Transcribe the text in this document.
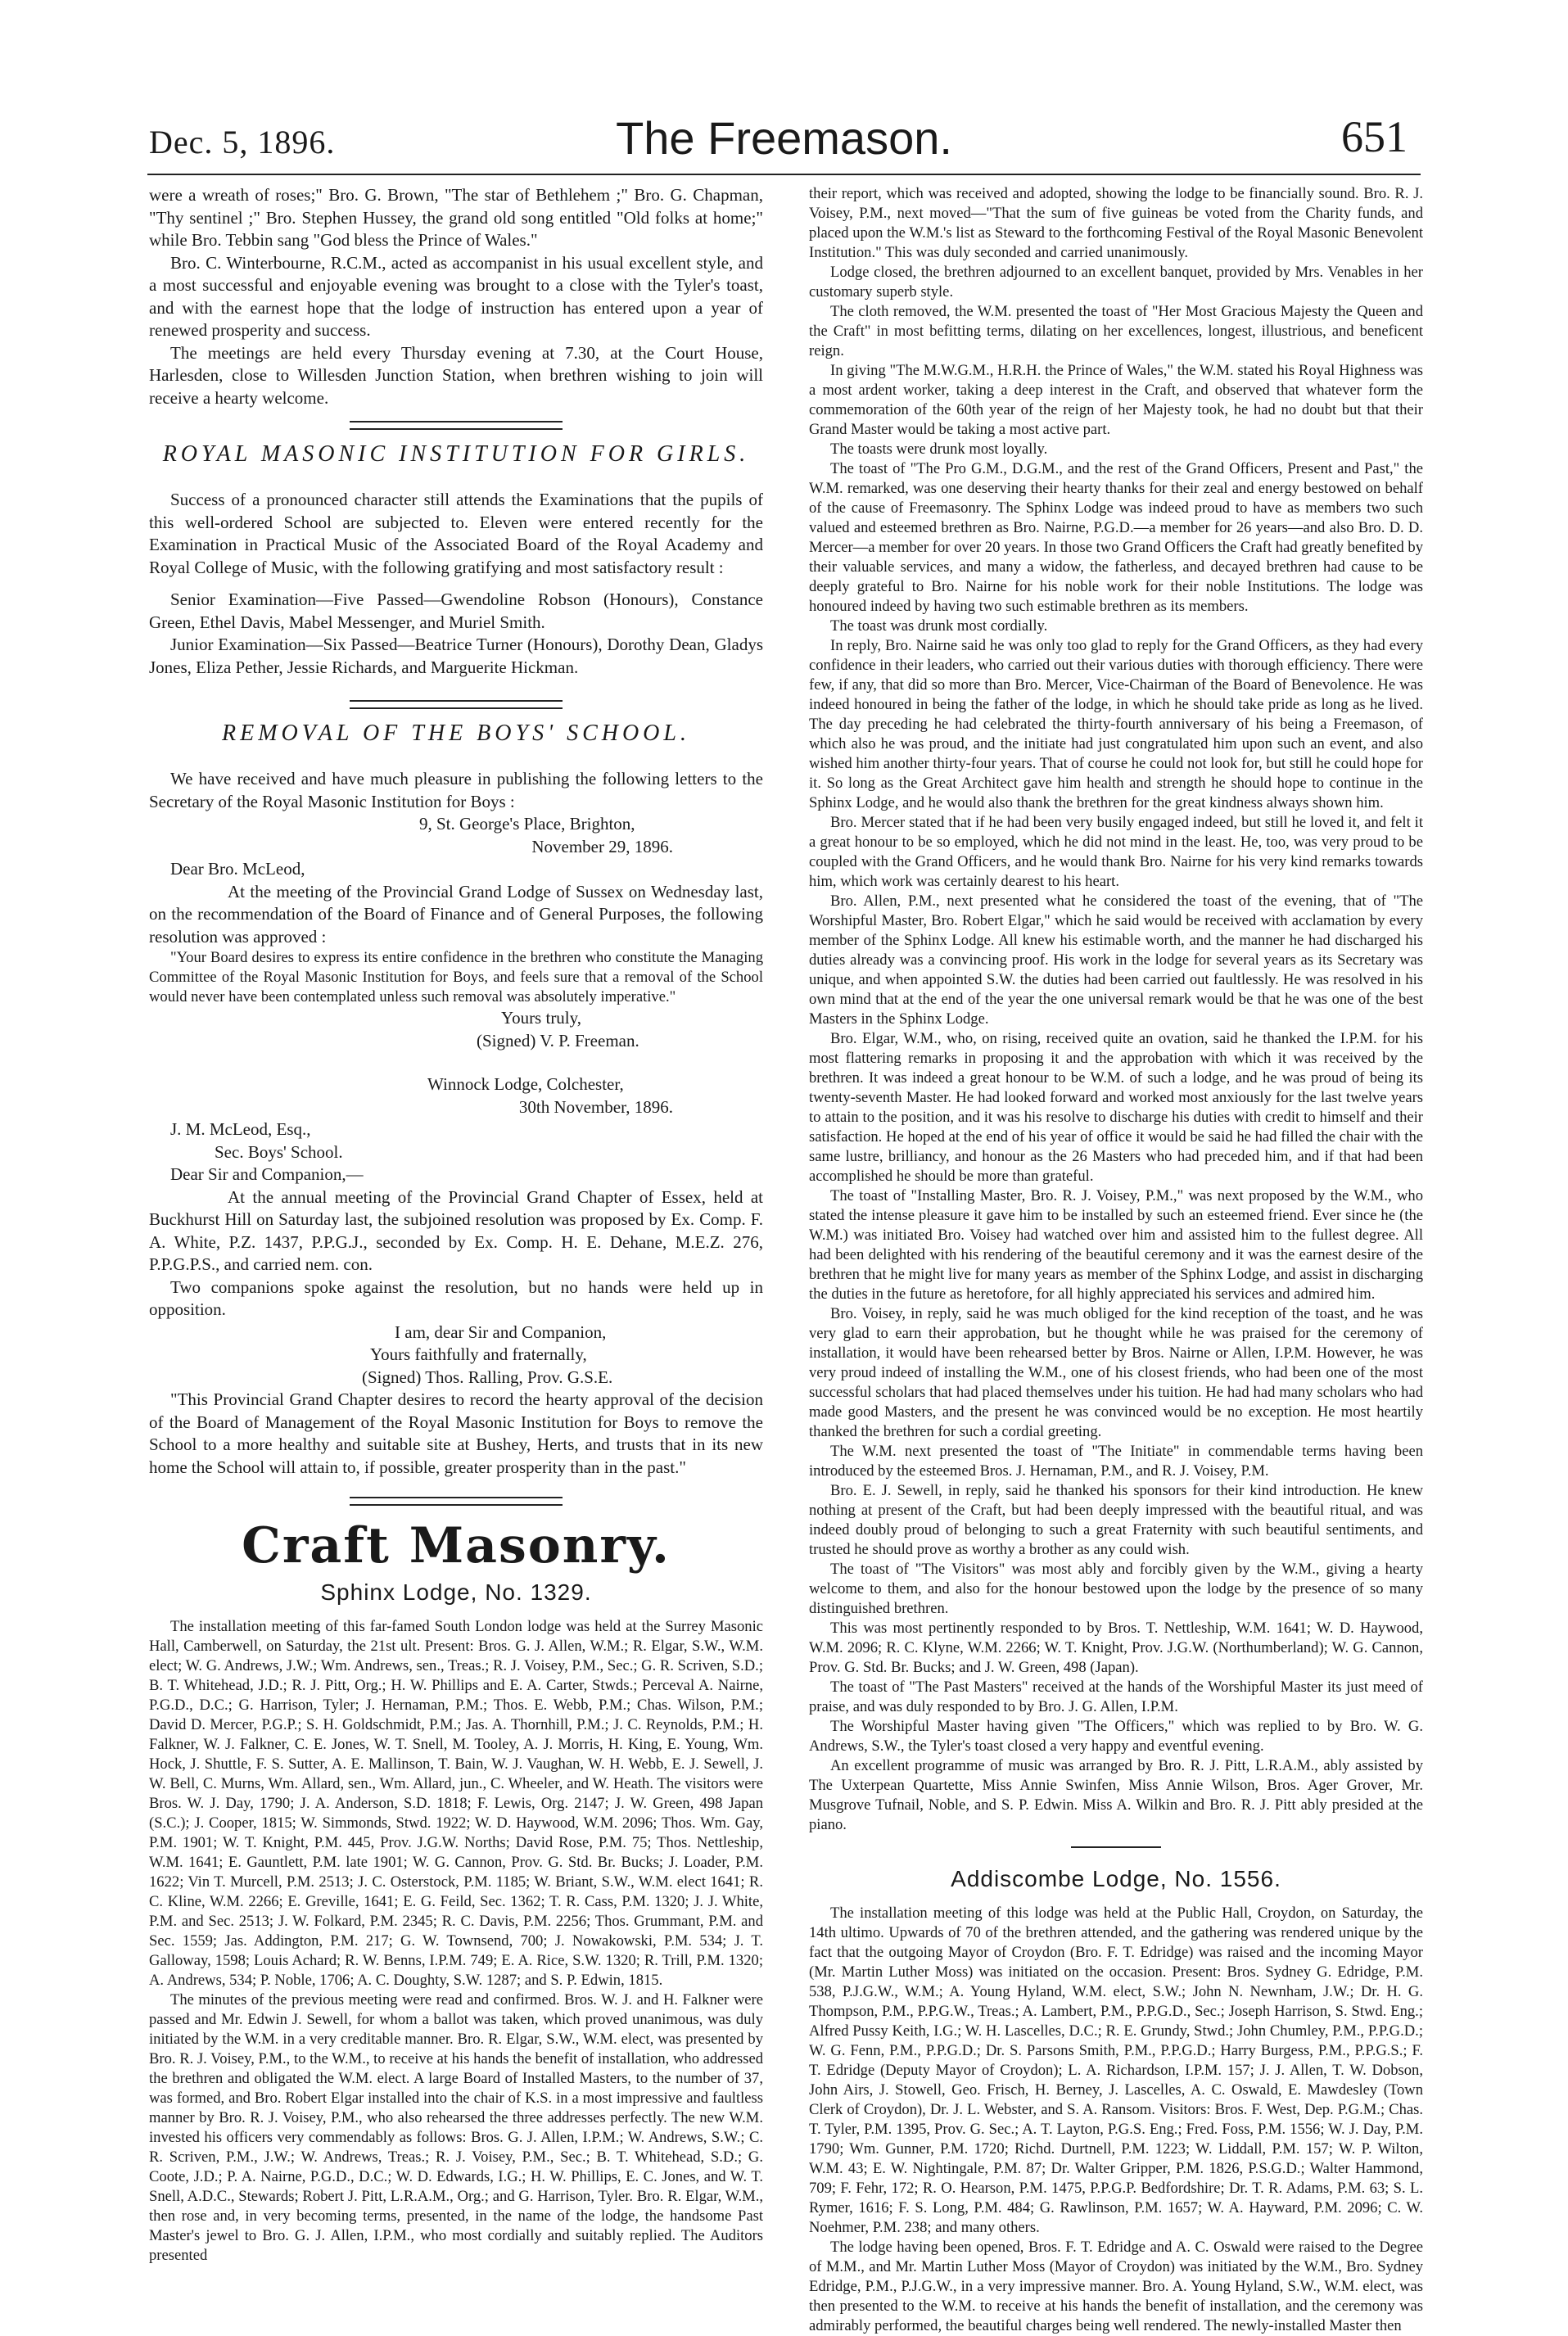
Dec. 5, 1896.	The Freemason.	651

were a wreath of roses;" Bro. G. Brown, "The star of Bethlehem ;" Bro. G. Chapman, "Thy sentinel ;" Bro. Stephen Hussey, the grand old song entitled "Old folks at home;" while Bro. Tebbin sang "God bless the Prince of Wales."

Bro. C. Winterbourne, R.C.M., acted as accompanist in his usual excellent style, and a most successful and enjoyable evening was brought to a close with the Tyler's toast, and with the earnest hope that the lodge of instruction has entered upon a year of renewed prosperity and success.

The meetings are held every Thursday evening at 7.30, at the Court House, Harlesden, close to Willesden Junction Station, when brethren wishing to join will receive a hearty welcome.

ROYAL MASONIC INSTITUTION FOR GIRLS.

Success of a pronounced character still attends the Examinations that the pupils of this well-ordered School are subjected to. Eleven were entered recently for the Examination in Practical Music of the Associated Board of the Royal Academy and Royal College of Music, with the following gratifying and most satisfactory result :

Senior Examination—Five Passed—Gwendoline Robson (Honours), Constance Green, Ethel Davis, Mabel Messenger, and Muriel Smith.

Junior Examination—Six Passed—Beatrice Turner (Honours), Dorothy Dean, Gladys Jones, Eliza Pether, Jessie Richards, and Marguerite Hickman.

REMOVAL OF THE BOYS' SCHOOL.

We have received and have much pleasure in publishing the following letters to the Secretary of the Royal Masonic Institution for Boys :

9, St. George's Place, Brighton,

November 29, 1896.

Dear Bro. McLeod,

At the meeting of the Provincial Grand Lodge of Sussex on Wednesday last, on the recommendation of the Board of Finance and of General Purposes, the following resolution was approved :

"Your Board desires to express its entire confidence in the brethren who constitute the Managing Committee of the Royal Masonic Institution for Boys, and feels sure that a removal of the School would never have been contemplated unless such removal was absolutely imperative."

Yours truly,

(Signed) V. P. Freeman.

Winnock Lodge, Colchester,

30th November, 1896.

J. M. McLeod, Esq.,

Sec. Boys' School.

Dear Sir and Companion,—

At the annual meeting of the Provincial Grand Chapter of Essex, held at Buckhurst Hill on Saturday last, the subjoined resolution was proposed by Ex. Comp. F. A. White, P.Z. 1437, P.P.G.J., seconded by Ex. Comp. H. E. Dehane, M.E.Z. 276, P.P.G.P.S., and carried nem. con.

Two companions spoke against the resolution, but no hands were held up in opposition.

I am, dear Sir and Companion,

Yours faithfully and fraternally,

(Signed) Thos. Ralling, Prov. G.S.E.

"This Provincial Grand Chapter desires to record the hearty approval of the decision of the Board of Management of the Royal Masonic Institution for Boys to remove the School to a more healthy and suitable site at Bushey, Herts, and trusts that in its new home the School will attain to, if possible, greater prosperity than in the past."

Craft Masonry.
Sphinx Lodge, No. 1329.

The installation meeting of this far-famed South London lodge was held at the Surrey Masonic Hall, Camberwell, on Saturday, the 21st ult. Present: Bros. G. J. Allen, W.M.; R. Elgar, S.W., W.M. elect; W. G. Andrews, J.W.; Wm. Andrews, sen., Treas.; R. J. Voisey, P.M., Sec.; G. R. Scriven, S.D.; B. T. Whitehead, J.D.; R. J. Pitt, Org.; H. W. Phillips and E. A. Carter, Stwds.; Perceval A. Nairne, P.G.D., D.C.; G. Harrison, Tyler; J. Hernaman, P.M.; Thos. E. Webb, P.M.; Chas. Wilson, P.M.; David D. Mercer, P.G.P.; S. H. Goldschmidt, P.M.; Jas. A. Thornhill, P.M.; J. C. Reynolds, P.M.; H. Falkner, W. J. Falkner, C. E. Jones, W. T. Snell, M. Tooley, A. J. Morris, H. King, E. Young, Wm. Hock, J. Shuttle, F. S. Sutter, A. E. Mallinson, T. Bain, W. J. Vaughan, W. H. Webb, E. J. Sewell, J. W. Bell, C. Murns, Wm. Allard, sen., Wm. Allard, jun., C. Wheeler, and W. Heath. The visitors were Bros. W. J. Day, 1790; J. A. Anderson, S.D. 1818; F. Lewis, Org. 2147; J. W. Green, 498 Japan (S.C.); J. Cooper, 1815; W. Simmonds, Stwd. 1922; W. D. Haywood, W.M. 2096; Thos. Wm. Gay, P.M. 1901; W. T. Knight, P.M. 445, Prov. J.G.W. Norths; David Rose, P.M. 75; Thos. Nettleship, W.M. 1641; E. Gauntlett, P.M. late 1901; W. G. Cannon, Prov. G. Std. Br. Bucks; J. Loader, P.M. 1622; Vin T. Murcell, P.M. 2513; J. C. Osterstock, P.M. 1185; W. Briant, S.W., W.M. elect 1641; R. C. Kline, W.M. 2266; E. Greville, 1641; E. G. Feild, Sec. 1362; T. R. Cass, P.M. 1320; J. J. White, P.M. and Sec. 2513; J. W. Folkard, P.M. 2345; R. C. Davis, P.M. 2256; Thos. Grummant, P.M. and Sec. 1559; Jas. Addington, P.M. 217; G. W. Townsend, 700; J. Nowakowski, P.M. 534; J. T. Galloway, 1598; Louis Achard; R. W. Benns, I.P.M. 749; E. A. Rice, S.W. 1320; R. Trill, P.M. 1320; A. Andrews, 534; P. Noble, 1706; A. C. Doughty, S.W. 1287; and S. P. Edwin, 1815.

The minutes of the previous meeting were read and confirmed. Bros. W. J. and H. Falkner were passed and Mr. Edwin J. Sewell, for whom a ballot was taken, which proved unanimous, was duly initiated by the W.M. in a very creditable manner. Bro. R. Elgar, S.W., W.M. elect, was presented by Bro. R. J. Voisey, P.M., to the W.M., to receive at his hands the benefit of installation, who addressed the brethren and obligated the W.M. elect. A large Board of Installed Masters, to the number of 37, was formed, and Bro. Robert Elgar installed into the chair of K.S. in a most impressive and faultless manner by Bro. R. J. Voisey, P.M., who also rehearsed the three addresses perfectly. The new W.M. invested his officers very commendably as follows: Bros. G. J. Allen, I.P.M.; W. Andrews, S.W.; C. R. Scriven, P.M., J.W.; W. Andrews, Treas.; R. J. Voisey, P.M., Sec.; B. T. Whitehead, S.D.; G. Coote, J.D.; P. A. Nairne, P.G.D., D.C.; W. D. Edwards, I.G.; H. W. Phillips, E. C. Jones, and W. T. Snell, A.D.C., Stewards; Robert J. Pitt, L.R.A.M., Org.; and G. Harrison, Tyler. Bro. R. Elgar, W.M., then rose and, in very becoming terms, presented, in the name of the lodge, the handsome Past Master's jewel to Bro. G. J. Allen, I.P.M., who most cordially and suitably replied. The Auditors presented

their report, which was received and adopted, showing the lodge to be financially sound. Bro. R. J. Voisey, P.M., next moved—"That the sum of five guineas be voted from the Charity funds, and placed upon the W.M.'s list as Steward to the forthcoming Festival of the Royal Masonic Benevolent Institution." This was duly seconded and carried unanimously.

Lodge closed, the brethren adjourned to an excellent banquet, provided by Mrs. Venables in her customary superb style.

The cloth removed, the W.M. presented the toast of "Her Most Gracious Majesty the Queen and the Craft" in most befitting terms, dilating on her excellences, longest, illustrious, and beneficent reign.

In giving "The M.W.G.M., H.R.H. the Prince of Wales," the W.M. stated his Royal Highness was a most ardent worker, taking a deep interest in the Craft, and observed that whatever form the commemoration of the 60th year of the reign of her Majesty took, he had no doubt but that their Grand Master would be taking a most active part.

The toasts were drunk most loyally.

The toast of "The Pro G.M., D.G.M., and the rest of the Grand Officers, Present and Past," the W.M. remarked, was one deserving their hearty thanks for their zeal and energy bestowed on behalf of the cause of Freemasonry. The Sphinx Lodge was indeed proud to have as members two such valued and esteemed brethren as Bro. Nairne, P.G.D.—a member for 26 years—and also Bro. D. D. Mercer—a member for over 20 years. In those two Grand Officers the Craft had greatly benefited by their valuable services, and many a widow, the fatherless, and decayed brethren had cause to be deeply grateful to Bro. Nairne for his noble work for their noble Institutions. The lodge was honoured indeed by having two such estimable brethren as its members.

The toast was drunk most cordially.

In reply, Bro. Nairne said he was only too glad to reply for the Grand Officers, as they had every confidence in their leaders, who carried out their various duties with thorough efficiency. There were few, if any, that did so more than Bro. Mercer, Vice-Chairman of the Board of Benevolence. He was indeed honoured in being the father of the lodge, in which he should take pride as long as he lived. The day preceding he had celebrated the thirty-fourth anniversary of his being a Freemason, of which also he was proud, and the initiate had just congratulated him upon such an event, and also wished him another thirty-four years. That of course he could not look for, but still he could hope for it. So long as the Great Architect gave him health and strength he should hope to continue in the Sphinx Lodge, and he would also thank the brethren for the great kindness always shown him.

Bro. Mercer stated that if he had been very busily engaged indeed, but still he loved it, and felt it a great honour to be so employed, which he did not mind in the least. He, too, was very proud to be coupled with the Grand Officers, and he would thank Bro. Nairne for his very kind remarks towards him, which work was certainly dearest to his heart.

Bro. Allen, P.M., next presented what he considered the toast of the evening, that of "The Worshipful Master, Bro. Robert Elgar," which he said would be received with acclamation by every member of the Sphinx Lodge. All knew his estimable worth, and the manner he had discharged his duties already was a convincing proof. His work in the lodge for several years as its Secretary was unique, and when appointed S.W. the duties had been carried out faultlessly. He was resolved in his own mind that at the end of the year the one universal remark would be that he was one of the best Masters in the Sphinx Lodge.

Bro. Elgar, W.M., who, on rising, received quite an ovation, said he thanked the I.P.M. for his most flattering remarks in proposing it and the approbation with which it was received by the brethren. It was indeed a great honour to be W.M. of such a lodge, and he was proud of being its twenty-seventh Master. He had looked forward and worked most anxiously for the last twelve years to attain to the position, and it was his resolve to discharge his duties with credit to himself and their satisfaction. He hoped at the end of his year of office it would be said he had filled the chair with the same lustre, brilliancy, and honour as the 26 Masters who had preceded him, and if that had been accomplished he should be more than grateful.

The toast of "Installing Master, Bro. R. J. Voisey, P.M.," was next proposed by the W.M., who stated the intense pleasure it gave him to be installed by such an esteemed friend. Ever since he (the W.M.) was initiated Bro. Voisey had watched over him and assisted him to the fullest degree. All had been delighted with his rendering of the beautiful ceremony and it was the earnest desire of the brethren that he might live for many years as member of the Sphinx Lodge, and assist in discharging the duties in the future as heretofore, for all highly appreciated his services and admired him.

Bro. Voisey, in reply, said he was much obliged for the kind reception of the toast, and he was very glad to earn their approbation, but he thought while he was praised for the ceremony of installation, it would have been rehearsed better by Bros. Nairne or Allen, I.P.M. However, he was very proud indeed of installing the W.M., one of his closest friends, who had been one of the most successful scholars that had placed themselves under his tuition. He had had many scholars who had made good Masters, and the present he was convinced would be no exception. He most heartily thanked the brethren for such a cordial greeting.

The W.M. next presented the toast of "The Initiate" in commendable terms having been introduced by the esteemed Bros. J. Hernaman, P.M., and R. J. Voisey, P.M.

Bro. E. J. Sewell, in reply, said he thanked his sponsors for their kind introduction. He knew nothing at present of the Craft, but had been deeply impressed with the beautiful ritual, and was indeed doubly proud of belonging to such a great Fraternity with such beautiful sentiments, and trusted he should prove as worthy a brother as any could wish.

The toast of "The Visitors" was most ably and forcibly given by the W.M., giving a hearty welcome to them, and also for the honour bestowed upon the lodge by the presence of so many distinguished brethren.

This was most pertinently responded to by Bros. T. Nettleship, W.M. 1641; W. D. Haywood, W.M. 2096; R. C. Klyne, W.M. 2266; W. T. Knight, Prov. J.G.W. (Northumberland); W. G. Cannon, Prov. G. Std. Br. Bucks; and J. W. Green, 498 (Japan).

The toast of "The Past Masters" received at the hands of the Worshipful Master its just meed of praise, and was duly responded to by Bro. J. G. Allen, I.P.M.

The Worshipful Master having given "The Officers," which was replied to by Bro. W. G. Andrews, S.W., the Tyler's toast closed a very happy and eventful evening.

An excellent programme of music was arranged by Bro. R. J. Pitt, L.R.A.M., ably assisted by The Uxterpean Quartette, Miss Annie Swinfen, Miss Annie Wilson, Bros. Ager Grover, Mr. Musgrove Tufnail, Noble, and S. P. Edwin. Miss A. Wilkin and Bro. R. J. Pitt ably presided at the piano.

Addiscombe Lodge, No. 1556.

The installation meeting of this lodge was held at the Public Hall, Croydon, on Saturday, the 14th ultimo. Upwards of 70 of the brethren attended, and the gathering was rendered unique by the fact that the outgoing Mayor of Croydon (Bro. F. T. Edridge) was raised and the incoming Mayor (Mr. Martin Luther Moss) was initiated on the occasion. Present: Bros. Sydney G. Edridge, P.M. 538, P.J.G.W., W.M.; A. Young Hyland, W.M. elect, S.W.; John N. Newnham, J.W.; Dr. H. G. Thompson, P.M., P.P.G.W., Treas.; A. Lambert, P.M., P.P.G.D., Sec.; Joseph Harrison, S. Stwd. Eng.; Alfred Pussy Keith, I.G.; W. H. Lascelles, D.C.; R. E. Grundy, Stwd.; John Chumley, P.M., P.P.G.D.; W. G. Fenn, P.M., P.P.G.D.; Dr. S. Parsons Smith, P.M., P.P.G.D.; Harry Burgess, P.M., P.P.G.S.; F. T. Edridge (Deputy Mayor of Croydon); L. A. Richardson, I.P.M. 157; J. J. Allen, T. W. Dobson, John Airs, J. Stowell, Geo. Frisch, H. Berney, J. Lascelles, A. C. Oswald, E. Mawdesley (Town Clerk of Croydon), Dr. J. L. Webster, and S. A. Ransom. Visitors: Bros. F. West, Dep. P.G.M.; Chas. T. Tyler, P.M. 1395, Prov. G. Sec.; A. T. Layton, P.G.S. Eng.; Fred. Foss, P.M. 1556; W. J. Day, P.M. 1790; Wm. Gunner, P.M. 1720; Richd. Durtnell, P.M. 1223; W. Liddall, P.M. 157; W. P. Wilton, W.M. 43; E. W. Nightingale, P.M. 87; Dr. Walter Gripper, P.M. 1826, P.S.G.D.; Walter Hammond, 709; F. Fehr, 172; R. O. Hearson, P.M. 1475, P.P.G.P. Bedfordshire; Dr. T. R. Adams, P.M. 63; S. L. Rymer, 1616; F. S. Long, P.M. 484; G. Rawlinson, P.M. 1657; W. A. Hayward, P.M. 2096; C. W. Noehmer, P.M. 238; and many others.

The lodge having been opened, Bros. F. T. Edridge and A. C. Oswald were raised to the Degree of M.M., and Mr. Martin Luther Moss (Mayor of Croydon) was initiated by the W.M., Bro. Sydney Edridge, P.M., P.J.G.W., in a very impressive manner. Bro. A. Young Hyland, S.W., W.M. elect, was then presented to the W.M. to receive at his hands the benefit of installation, and the ceremony was admirably performed, the beautiful charges being well rendered. The newly-installed Master then
